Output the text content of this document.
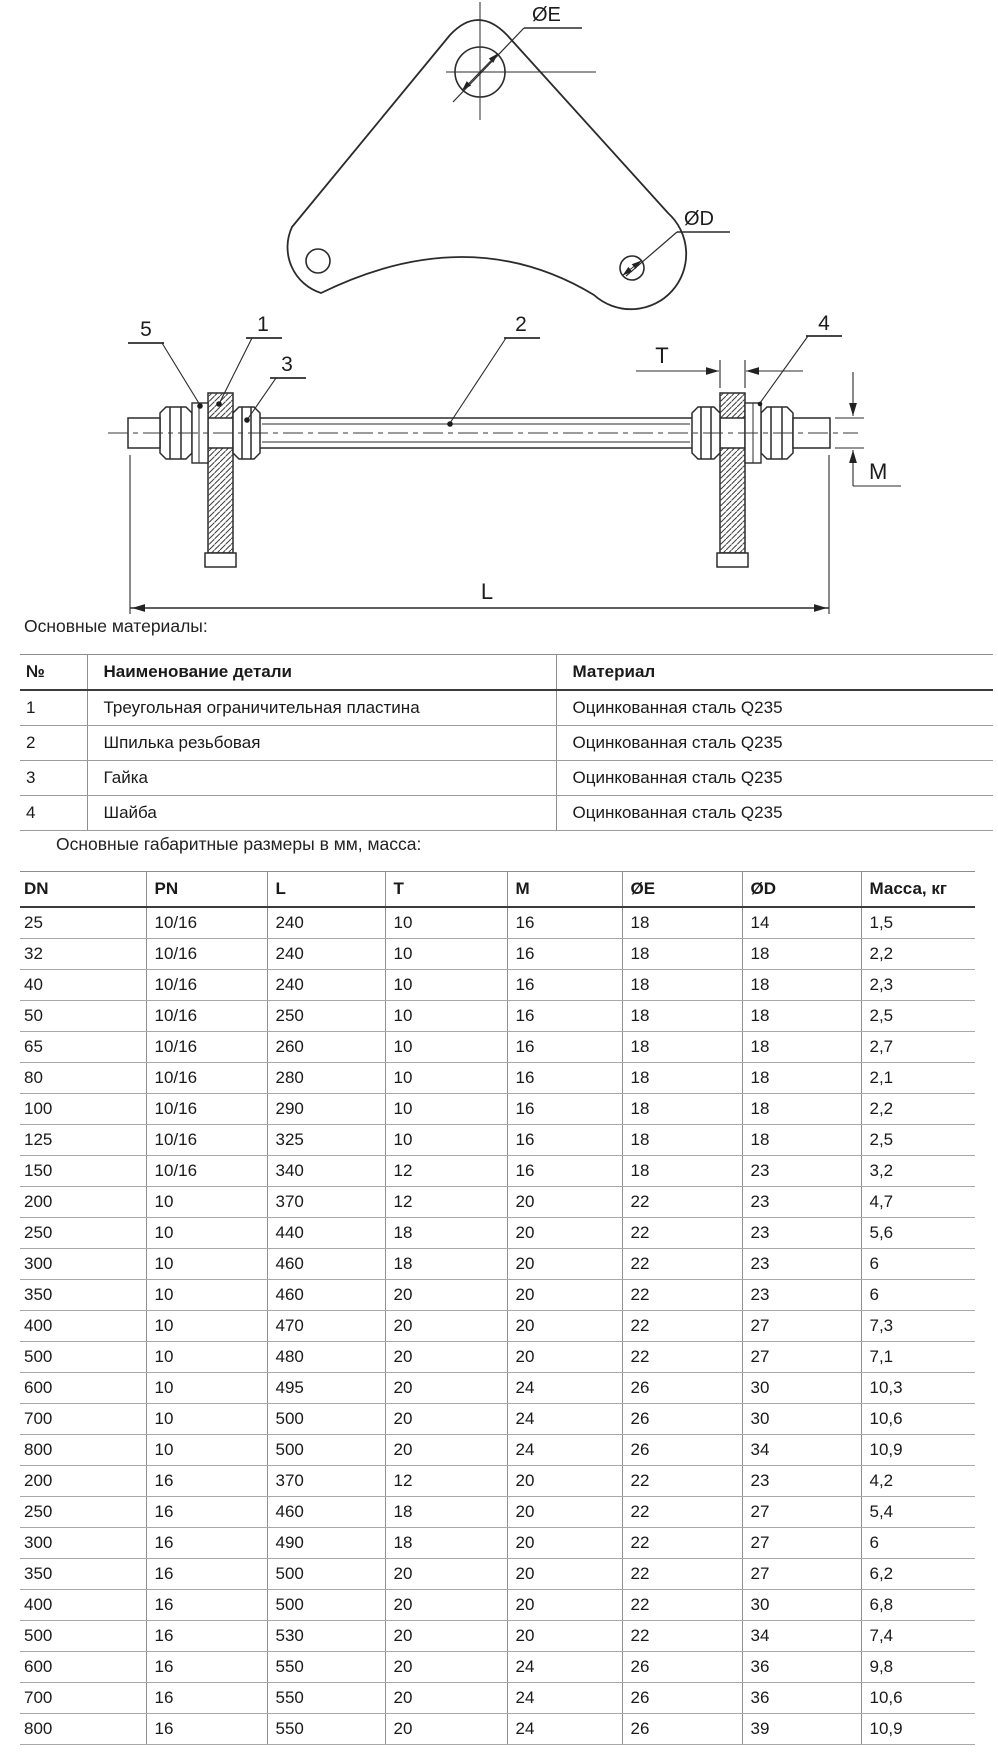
ØE
ØD
5	1
3
2	4
T
M
L
Основные материалы:
№	Наименование детали	Материал
1	Треугольная ограничительная пластина	Оцинкованная сталь Q235
2	Шпилька резьбовая	Оцинкованная сталь Q235
3	Гайка	Оцинкованная сталь Q235
4	Шайба	Оцинкованная сталь Q235
Основные габаритные размеры в мм, масса:
DN	PN	L	T	M	ØE	ØD	Масса, кг
25	10/16	240	10	16	18	14	1,5
32	10/16	240	10	16	18	18	2,2
40	10/16	240	10	16	18	18	2,3
50	10/16	250	10	16	18	18	2,5
65	10/16	260	10	16	18	18	2,7
80	10/16	280	10	16	18	18	2,1
100	10/16	290	10	16	18	18	2,2
125	10/16	325	10	16	18	18	2,5
150	10/16	340	12	16	18	23	3,2
200	10	370	12	20	22	23	4,7
250	10	440	18	20	22	23	5,6
300	10	460	18	20	22	23	6
350	10	460	20	20	22	23	6
400	10	470	20	20	22	27	7,3
500	10	480	20	20	22	27	7,1
600	10	495	20	24	26	30	10,3
700	10	500	20	24	26	30	10,6
800	10	500	20	24	26	34	10,9
200	16	370	12	20	22	23	4,2
250	16	460	18	20	22	27	5,4
300	16	490	18	20	22	27	6
350	16	500	20	20	22	27	6,2
400	16	500	20	20	22	30	6,8
500	16	530	20	20	22	34	7,4
600	16	550	20	24	26	36	9,8
700	16	550	20	24	26	36	10,6
800	16	550	20	24	26	39	10,9
